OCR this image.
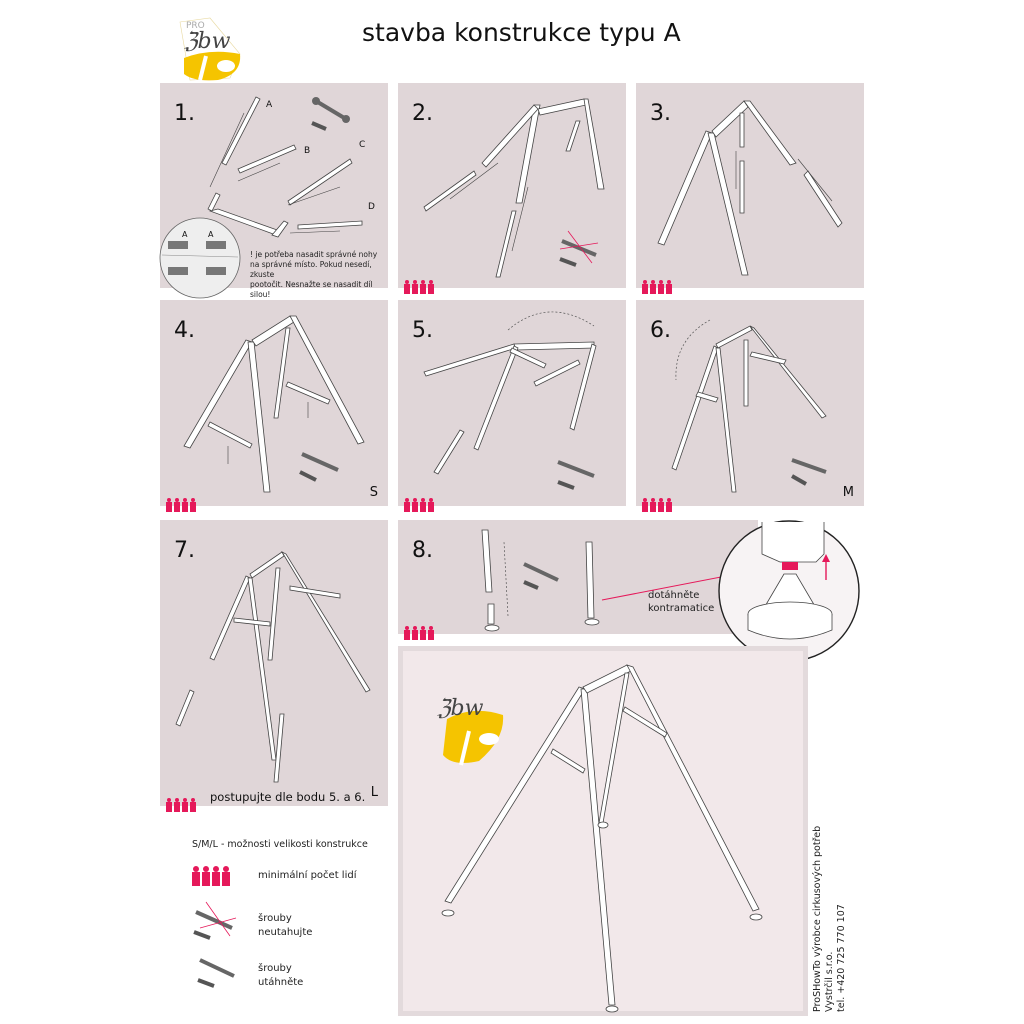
ℨbw
PRO	stavba konstrukce typu A
1.	A
B
C
D
A	A
! je potřeba nasadit správné nohy
na správné místo. Pokud nesedí, zkuste
pootočit. Nesnažte se nasadit díl silou!
2.	3.
4.
S
5.	6.
M
7.
L
postupujte dle bodu 5. a 6.
8.
dotáhněte
kontramatice
ℨbw
S/M/L - možnosti velikosti konstrukce
minimální počet lidí
šrouby
neutahujte
šrouby
utáhněte	ProSHowTo výrobce cirkusových potřeb Vystrčil s.r.o. tel. +420 725 770 107
